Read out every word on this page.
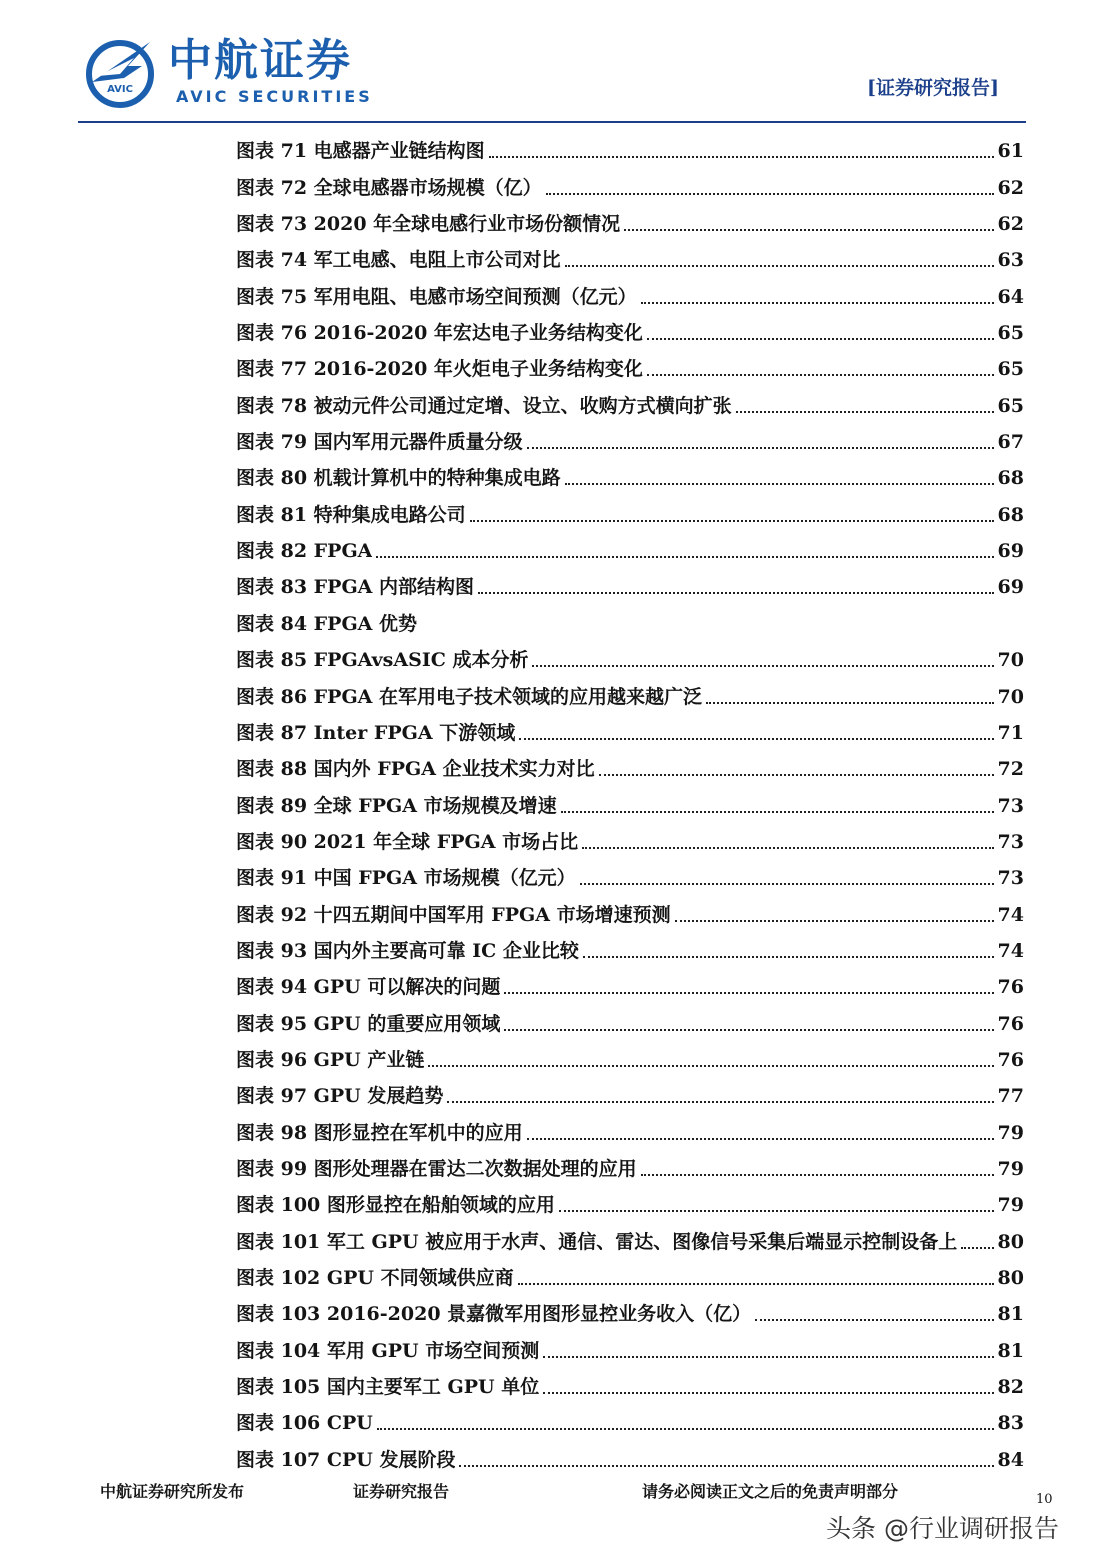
AVIC
中航证券
AVIC SECURITIES	[证券研究报告]
图表 71 电感器产业链结构图	61
图表 72 全球电感器市场规模（亿）	62
图表 73 2020 年全球电感行业市场份额情况	62
图表 74 军工电感、电阻上市公司对比	63
图表 75 军用电阻、电感市场空间预测（亿元）	64
图表 76 2016-2020 年宏达电子业务结构变化	65
图表 77 2016-2020 年火炬电子业务结构变化	65
图表 78 被动元件公司通过定增、设立、收购方式横向扩张	65
图表 79 国内军用元器件质量分级	67
图表 80 机载计算机中的特种集成电路	68
图表 81 特种集成电路公司	68
图表 82 FPGA	69
图表 83 FPGA 内部结构图	69
图表 84 FPGA 优势
图表 85 FPGAvsASIC 成本分析	70
图表 86 FPGA 在军用电子技术领域的应用越来越广泛	70
图表 87 Inter FPGA 下游领域	71
图表 88 国内外 FPGA 企业技术实力对比	72
图表 89 全球 FPGA 市场规模及增速	73
图表 90 2021 年全球 FPGA 市场占比	73
图表 91 中国 FPGA 市场规模（亿元）	73
图表 92 十四五期间中国军用 FPGA 市场增速预测	74
图表 93 国内外主要高可靠 IC 企业比较	74
图表 94 GPU 可以解决的问题	76
图表 95 GPU 的重要应用领域	76
图表 96 GPU 产业链	76
图表 97 GPU 发展趋势	77
图表 98 图形显控在军机中的应用	79
图表 99 图形处理器在雷达二次数据处理的应用	79
图表 100 图形显控在船舶领域的应用	79
图表 101 军工 GPU 被应用于水声、通信、雷达、图像信号采集后端显示控制设备上 80
图表 102 GPU 不同领域供应商	80
图表 103 2016-2020 景嘉微军用图形显控业务收入（亿）	81
图表 104 军用 GPU 市场空间预测	81
图表 105 国内主要军工 GPU 单位	82
图表 106 CPU	83
图表 107 CPU 发展阶段	84
中航证券研究所发布	证券研究报告	请务必阅读正文之后的免责声明部分	10
头条 @行业调研报告
